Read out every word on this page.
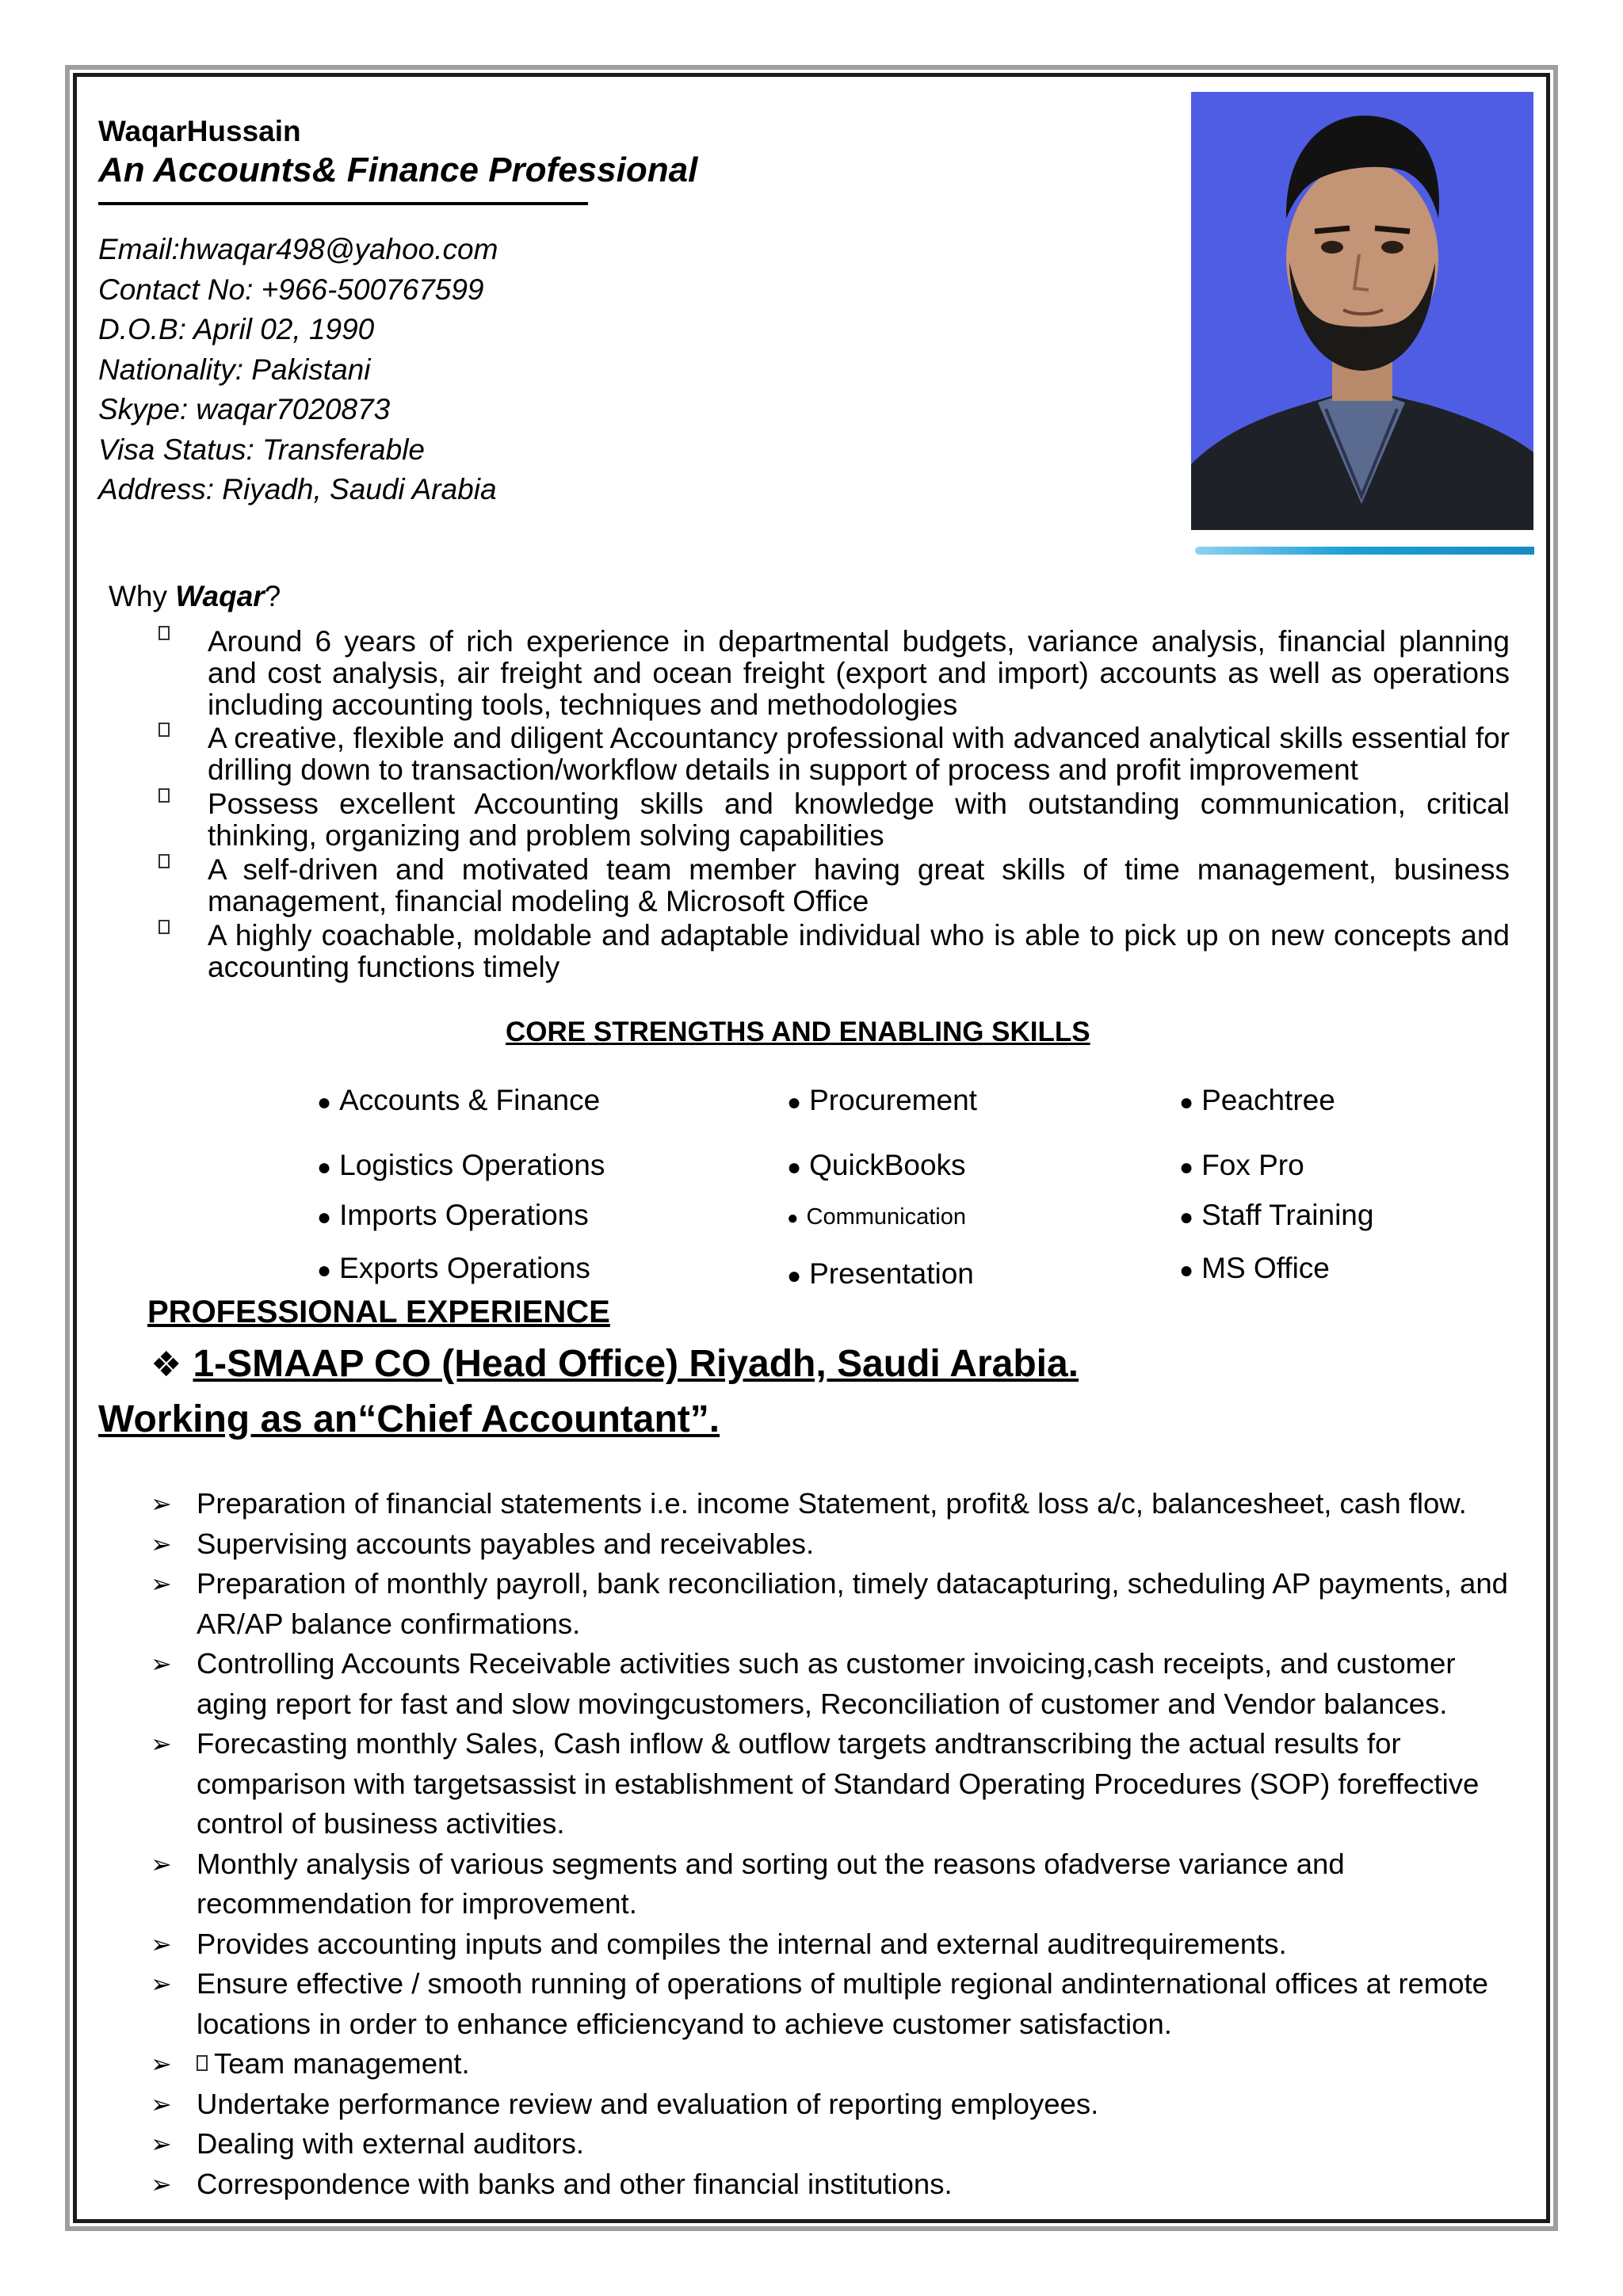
WaqarHussain
An Accounts& Finance Professional
Email:hwaqar498@yahoo.com
Contact No: +966-500767599
D.O.B: April 02, 1990
Nationality: Pakistani
Skype: waqar7020873
Visa Status: Transferable
Address: Riyadh, Saudi Arabia
Why Waqar?
Around 6 years of rich experience in departmental budgets, variance analysis, financial planning and cost analysis, air freight and ocean freight (export and import) accounts as well as operations including accounting tools, techniques and methodologies
A creative, flexible and diligent Accountancy professional with advanced analytical skills essential for drilling down to transaction/workflow details in support of process and profit improvement
Possess excellent Accounting skills and knowledge with outstanding communication, critical thinking, organizing and problem solving capabilities
A self-driven and motivated team member having great skills of time management, business management, financial modeling & Microsoft Office
A highly coachable, moldable and adaptable individual who is able to pick up on new concepts and accounting functions timely
CORE STRENGTHS AND ENABLING SKILLS
● Accounts & Finance
● Logistics Operations
● Imports Operations
● Exports Operations
● Procurement
● QuickBooks
● Communication
● Presentation
● Peachtree
● Fox Pro
● Staff Training
● MS Office
PROFESSIONAL EXPERIENCE
❖ 1-SMAAP CO (Head Office) Riyadh, Saudi Arabia.
Working as an“Chief Accountant”.
➢ Preparation of financial statements i.e. income Statement, profit& loss a/c, balancesheet, cash flow.
➢ Supervising accounts payables and receivables.
➢ Preparation of monthly payroll, bank reconciliation, timely datacapturing, scheduling AP payments, and AR/AP balance confirmations.
➢ Controlling Accounts Receivable activities such as customer invoicing,cash receipts, and customer aging report for fast and slow movingcustomers, Reconciliation of customer and Vendor balances.
➢ Forecasting monthly Sales, Cash inflow & outflow targets andtranscribing the actual results for comparison with targetsassist in establishment of Standard Operating Procedures (SOP) foreffective control of business activities.
➢ Monthly analysis of various segments and sorting out the reasons ofadverse variance and recommendation for improvement.
➢ Provides accounting inputs and compiles the internal and external auditrequirements.
➢ Ensure effective / smooth running of operations of multiple regional andinternational offices at remote locations in order to enhance efficiencyand to achieve customer satisfaction.
➢ Team management.
➢ Undertake performance review and evaluation of reporting employees.
➢ Dealing with external auditors.
➢ Correspondence with banks and other financial institutions.
